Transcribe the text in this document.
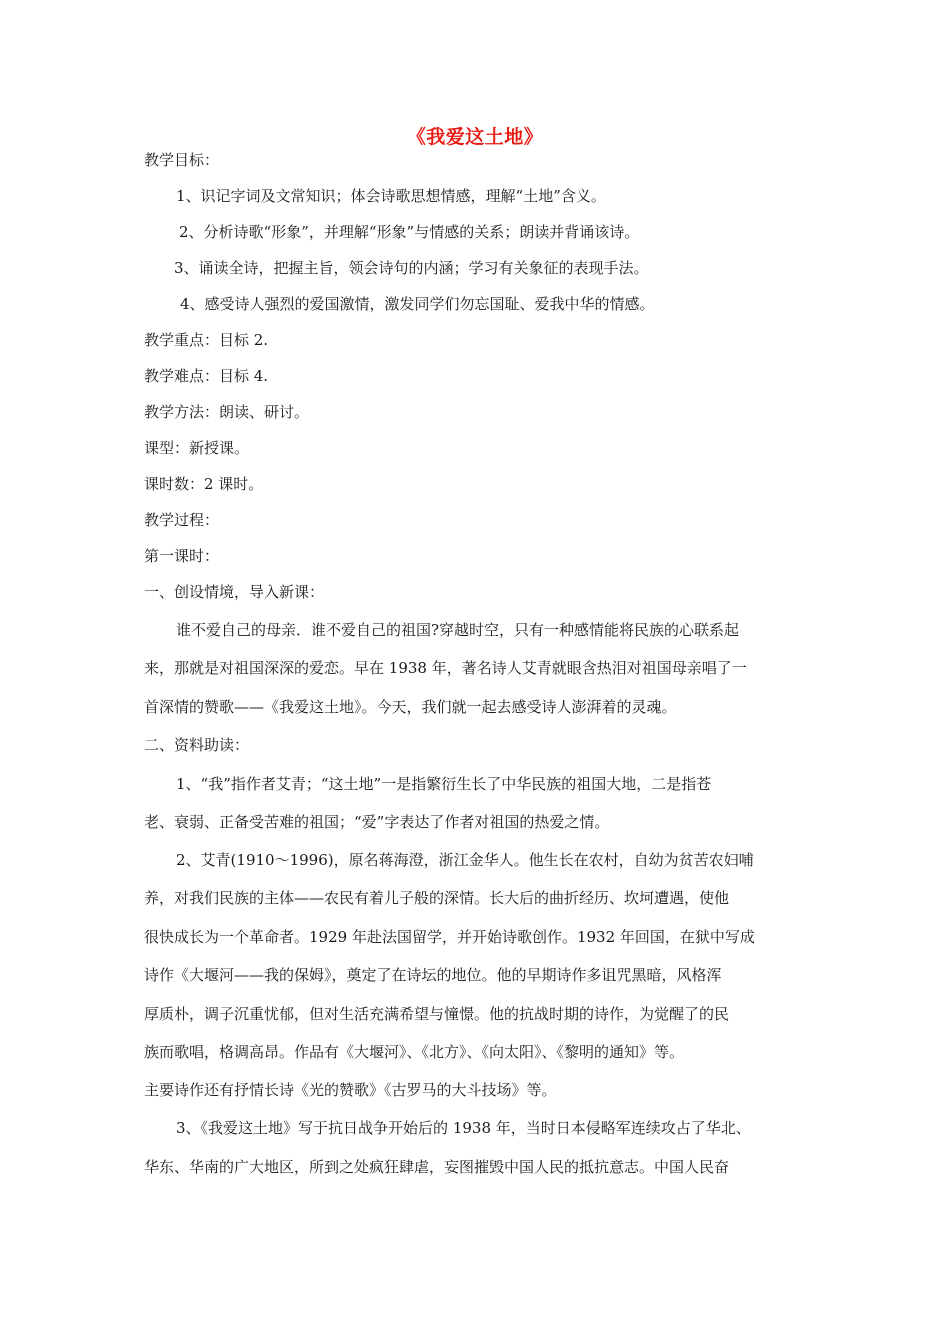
《我爱这土地》
教学目标：
1、识记字词及文常知识；体会诗歌思想情感，理解“土地”含义。
2、分析诗歌“形象”，并理解“形象”与情感的关系；朗读并背诵该诗。
3、诵读全诗，把握主旨，领会诗句的内涵；学习有关象征的表现手法。
4、感受诗人强烈的爱国激情，激发同学们勿忘国耻、爱我中华的情感。
教学重点：目标 2.
教学难点：目标 4.
教学方法：朗读、研讨。
课型：新授课。
课时数：2 课时。
教学过程：
第一课时：
一、创设情境，导入新课：
谁不爱自己的母亲．谁不爱自己的祖国?穿越时空，只有一种感情能将民族的心联系起
来，那就是对祖国深深的爱恋。早在 1938 年，著名诗人艾青就眼含热泪对祖国母亲唱了一
首深情的赞歌——《我爱这土地》。今天，我们就一起去感受诗人澎湃着的灵魂。
二、资料助读：
1、“我”指作者艾青；“这土地”一是指繁衍生长了中华民族的祖国大地，二是指苍
老、衰弱、正备受苦难的祖国；“爱”字表达了作者对祖国的热爱之情。
2、艾青(1910～1996)，原名蒋海澄，浙江金华人。他生长在农村，自幼为贫苦农妇哺
养，对我们民族的主体——农民有着儿子般的深情。长大后的曲折经历、坎坷遭遇，使他
很快成长为一个革命者。1929 年赴法国留学，并开始诗歌创作。1932 年回国，在狱中写成
诗作《大堰河——我的保姆》，奠定了在诗坛的地位。他的早期诗作多诅咒黑暗，风格浑
厚质朴，调子沉重忧郁，但对生活充满希望与憧憬。他的抗战时期的诗作，为觉醒了的民
族而歌唱，格调高昂。作品有《大堰河》、《北方》、《向太阳》、《黎明的通知》等。
主要诗作还有抒情长诗《光的赞歌》《古罗马的大斗技场》等。
3、《我爱这土地》写于抗日战争开始后的 1938 年，当时日本侵略军连续攻占了华北、
华东、华南的广大地区，所到之处疯狂肆虐，妄图摧毁中国人民的抵抗意志。中国人民奋
